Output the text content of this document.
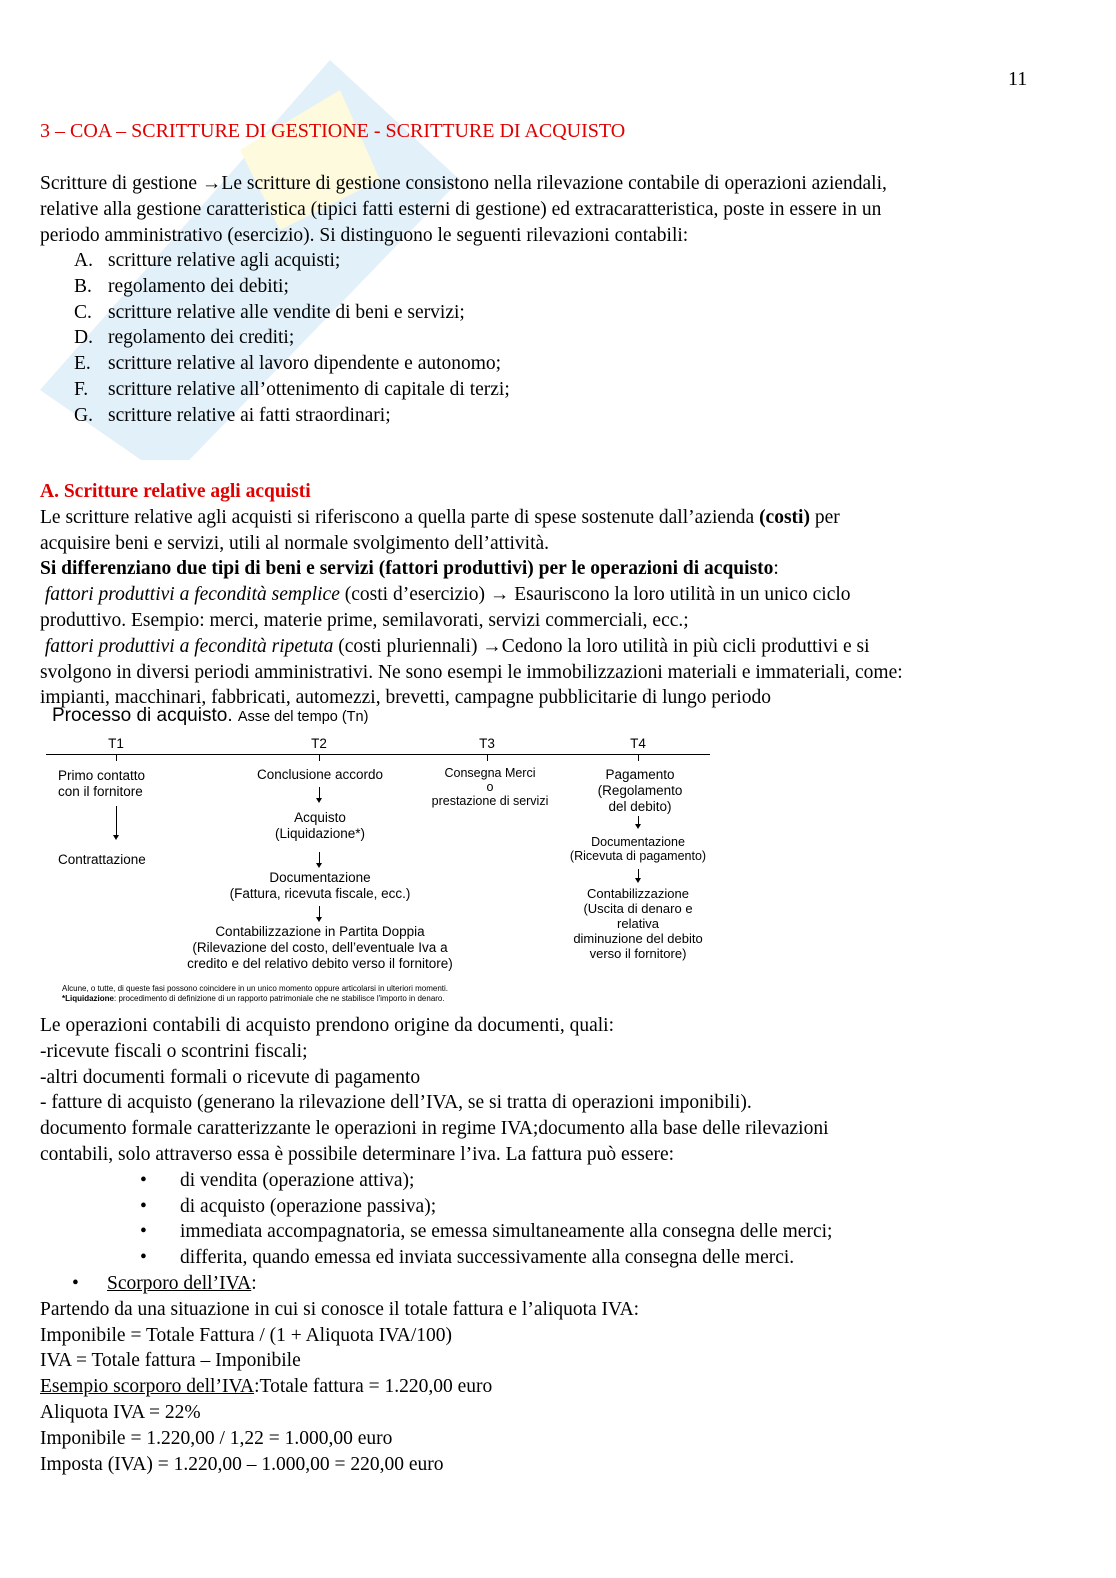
11
3 – COA – SCRITTURE DI GESTIONE - SCRITTURE DI ACQUISTO
Scritture di gestione →Le scritture di gestione consistono nella rilevazione contabile di operazioni aziendali,
relative alla gestione caratteristica (tipici fatti esterni di gestione) ed extracaratteristica, poste in essere in un
periodo amministrativo (esercizio). Si distinguono le seguenti rilevazioni contabili:
A. scritture relative agli acquisti;
B. regolamento dei debiti;
C. scritture relative alle vendite di beni e servizi;
D. regolamento dei crediti;
E. scritture relative al lavoro dipendente e autonomo;
F. scritture relative all’ottenimento di capitale di terzi;
G. scritture relative ai fatti straordinari;
A. Scritture relative agli acquisti
Le scritture relative agli acquisti si riferiscono a quella parte di spese sostenute dall’azienda (costi) per
acquisire beni e servizi, utili al normale svolgimento dell’attività.
Si differenziano due tipi di beni e servizi (fattori produttivi) per le operazioni di acquisto:
fattori produttivi a fecondità semplice (costi d’esercizio) → Esauriscono la loro utilità in un unico ciclo
produttivo. Esempio: merci, materie prime, semilavorati, servizi commerciali, ecc.;
fattori produttivi a fecondità ripetuta (costi pluriennali) →Cedono la loro utilità in più cicli produttivi e si
svolgono in diversi periodi amministrativi. Ne sono esempi le immobilizzazioni materiali e immateriali, come:
impianti, macchinari, fabbricati, automezzi, brevetti, campagne pubblicitarie di lungo periodo
Processo di acquisto. Asse del tempo (Tn)
T1	T2	T3	T4
Primo contatto
con il fornitore
Contrattazione
Conclusione accordo
Acquisto
(Liquidazione*)
Documentazione
(Fattura, ricevuta fiscale, ecc.)
Contabilizzazione in Partita Doppia
(Rilevazione del costo, dell’eventuale Iva a
credito e del relativo debito verso il fornitore)
Consegna Merci
o
prestazione di servizi
Pagamento
(Regolamento
del debito)
Documentazione
(Ricevuta di pagamento)
Contabilizzazione
(Uscita di denaro e
relativa
diminuzione del debito
verso il fornitore)
Alcune, o tutte, di queste fasi possono coincidere in un unico momento oppure articolarsi in ulteriori momenti.
*Liquidazione: procedimento di definizione di un rapporto patrimoniale che ne stabilisce l'importo in denaro.
Le operazioni contabili di acquisto prendono origine da documenti, quali:
-ricevute fiscali o scontrini fiscali;
-altri documenti formali o ricevute di pagamento
- fatture di acquisto (generano la rilevazione dell’IVA, se si tratta di operazioni imponibili).
documento formale caratterizzante le operazioni in regime IVA;documento alla base delle rilevazioni
contabili, solo attraverso essa è possibile determinare l’iva. La fattura può essere:
• di vendita (operazione attiva);
• di acquisto (operazione passiva);
• immediata accompagnatoria, se emessa simultaneamente alla consegna delle merci;
• differita, quando emessa ed inviata successivamente alla consegna delle merci.
• Scorporo dell’IVA:
Partendo da una situazione in cui si conosce il totale fattura e l’aliquota IVA:
Imponibile = Totale Fattura / (1 + Aliquota IVA/100)
IVA = Totale fattura – Imponibile
Esempio scorporo dell’IVA:Totale fattura = 1.220,00 euro
Aliquota IVA = 22%
Imponibile = 1.220,00 / 1,22 = 1.000,00 euro
Imposta (IVA) = 1.220,00 – 1.000,00 = 220,00 euro
